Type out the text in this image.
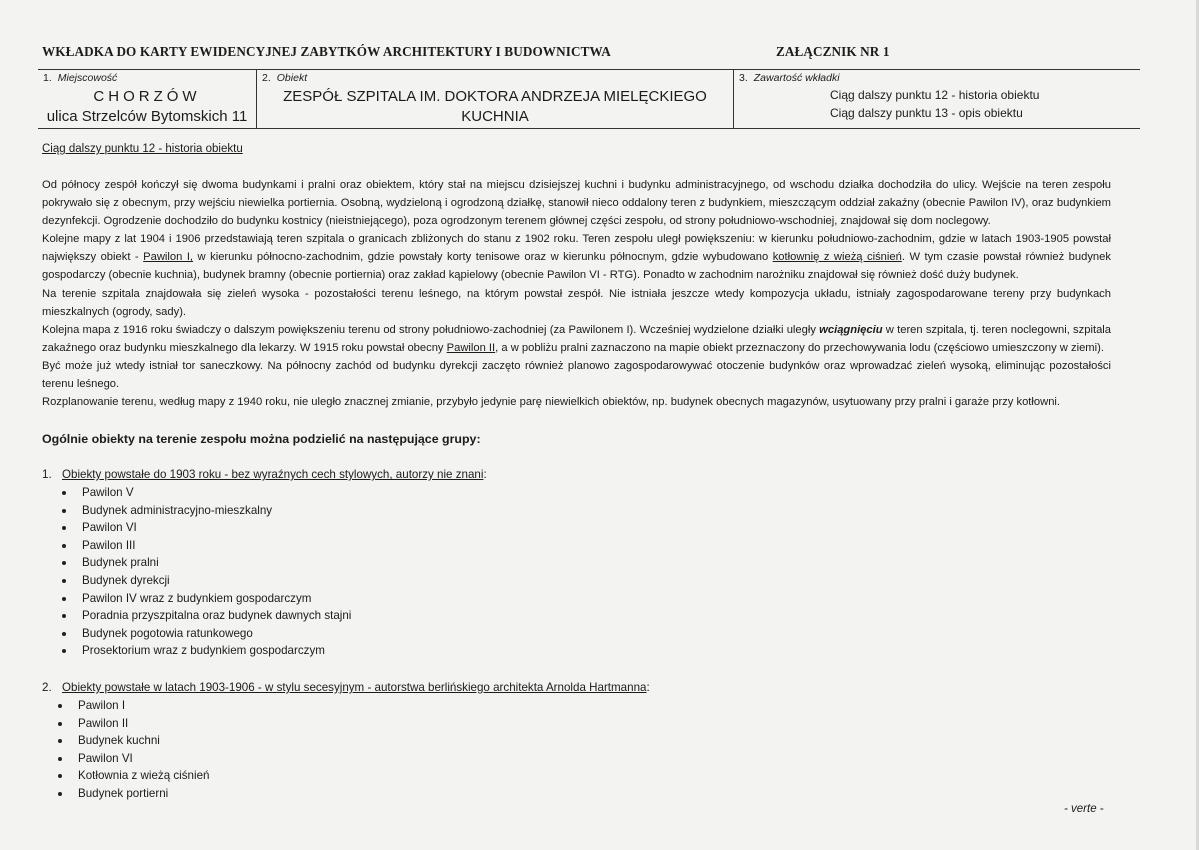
WKŁADKA DO KARTY EWIDENCYJNEJ ZABYTKÓW ARCHITEKTURY I BUDOWNICTWA	ZAŁĄCZNIK NR 1
1. Miejscowość
CHORZÓW
ulica Strzelców Bytomskich 11
2. Obiekt
ZESPÓŁ SZPITALA IM. DOKTORA ANDRZEJA MIELĘCKIEGO
KUCHNIA
3. Zawartość wkładki
Ciąg dalszy punktu 12 - historia obiektu
Ciąg dalszy punktu 13 - opis obiektu
Ciąg dalszy punktu 12 - historia obiektu

Od północy zespół kończył się dwoma budynkami i pralni oraz obiektem, który stał na miejscu dzisiejszej kuchni i budynku administracyjnego, od wschodu działka dochodziła do ulicy. Wejście na teren zespołu pokrywało się z obecnym, przy wejściu niewielka portiernia. Osobną, wydzieloną i ogrodzoną działkę, stanowił nieco oddalony teren z budynkiem, mieszczącym oddział zakaźny (obecnie Pawilon IV), oraz budynkiem dezynfekcji. Ogrodzenie dochodziło do budynku kostnicy (nieistniejącego), poza ogrodzonym terenem głównej części zespołu, od strony południowo-wschodniej, znajdował się dom noclegowy.

Kolejne mapy z lat 1904 i 1906 przedstawiają teren szpitala o granicach zbliżonych do stanu z 1902 roku. Teren zespołu uległ powiększeniu: w kierunku południowo-zachodnim, gdzie w latach 1903-1905 powstał największy obiekt - Pawilon I, w kierunku północno-zachodnim, gdzie powstały korty tenisowe oraz w kierunku północnym, gdzie wybudowano kotłownię z wieżą ciśnień. W tym czasie powstał również budynek gospodarczy (obecnie kuchnia), budynek bramny (obecnie portiernia) oraz zakład kąpielowy (obecnie Pawilon VI - RTG). Ponadto w zachodnim narożniku znajdował się również dość duży budynek.

Na terenie szpitala znajdowała się zieleń wysoka - pozostałości terenu leśnego, na którym powstał zespół. Nie istniała jeszcze wtedy kompozycja układu, istniały zagospodarowane tereny przy budynkach mieszkalnych (ogrody, sady).

Kolejna mapa z 1916 roku świadczy o dalszym powiększeniu terenu od strony południowo-zachodniej (za Pawilonem I). Wcześniej wydzielone działki uległy wciągnięciu w teren szpitala, tj. teren noclegowni, szpitala zakaźnego oraz budynku mieszkalnego dla lekarzy. W 1915 roku powstał obecny Pawilon II, a w pobliżu pralni zaznaczono na mapie obiekt przeznaczony do przechowywania lodu (częściowo umieszczony w ziemi).

Być może już wtedy istniał tor saneczkowy. Na północny zachód od budynku dyrekcji zaczęto również planowo zagospodarowywać otoczenie budynków oraz wprowadzać zieleń wysoką, eliminując pozostałości terenu leśnego.

Rozplanowanie terenu, według mapy z 1940 roku, nie uległo znacznej zmianie, przybyło jedynie parę niewielkich obiektów, np. budynek obecnych magazynów, usytuowany przy pralni i garaże przy kotłowni.

Ogólnie obiekty na terenie zespołu można podzielić na następujące grupy:
1. Obiekty powstałe do 1903 roku - bez wyraźnych cech stylowych, autorzy nie znani:
Pawilon V
Budynek administracyjno-mieszkalny
Pawilon VI
Pawilon III
Budynek pralni
Budynek dyrekcji
Pawilon IV wraz z budynkiem gospodarczym
Poradnia przyszpitalna oraz budynek dawnych stajni
Budynek pogotowia ratunkowego
Prosektorium wraz z budynkiem gospodarczym
2. Obiekty powstałe w latach 1903-1906 - w stylu secesyjnym - autorstwa berlińskiego architekta Arnolda Hartmanna:
Pawilon I
Pawilon II
Budynek kuchni
Pawilon VI
Kotłownia z wieżą ciśnień
Budynek portierni
- verte -
